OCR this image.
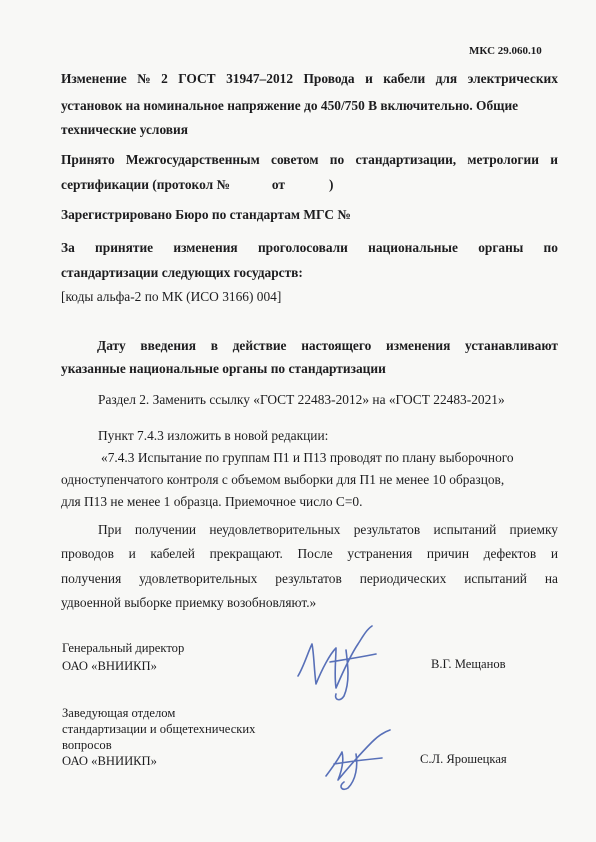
МКС 29.060.10
Изменение № 2 ГОСТ 31947–2012 Провода и кабели для электрических
установок на номинальное напряжение до 450/750 В включительно. Общие
технические условия
Принято Межгосударственным советом по стандартизации, метрологии и
сертификации (протокол №	от	)
Зарегистрировано Бюро по стандартам МГС №
За принятие изменения проголосовали национальные органы по
стандартизации следующих государств:
[коды альфа-2 по МК (ИСО 3166) 004]
Дату введения в действие настоящего изменения устанавливают
указанные национальные органы по стандартизации
Раздел 2. Заменить ссылку «ГОСТ 22483-2012» на «ГОСТ 22483-2021»
Пункт 7.4.3 изложить в новой редакции:
«7.4.3 Испытание по группам П1 и П13 проводят по плану выборочного
одноступенчатого контроля с объемом выборки для П1 не менее 10 образцов,
для П13 не менее 1 образца. Приемочное число С=0.
При получении неудовлетворительных результатов испытаний приемку
проводов и кабелей прекращают. После устранения причин дефектов и
получения удовлетворительных результатов периодических испытаний на
удвоенной выборке приемку возобновляют.»
Генеральный директор
ОАО «ВНИИКП»	В.Г. Мещанов
Заведующая отделом
стандартизации и общетехнических
вопросов
ОАО «ВНИИКП»	С.Л. Ярошецкая
